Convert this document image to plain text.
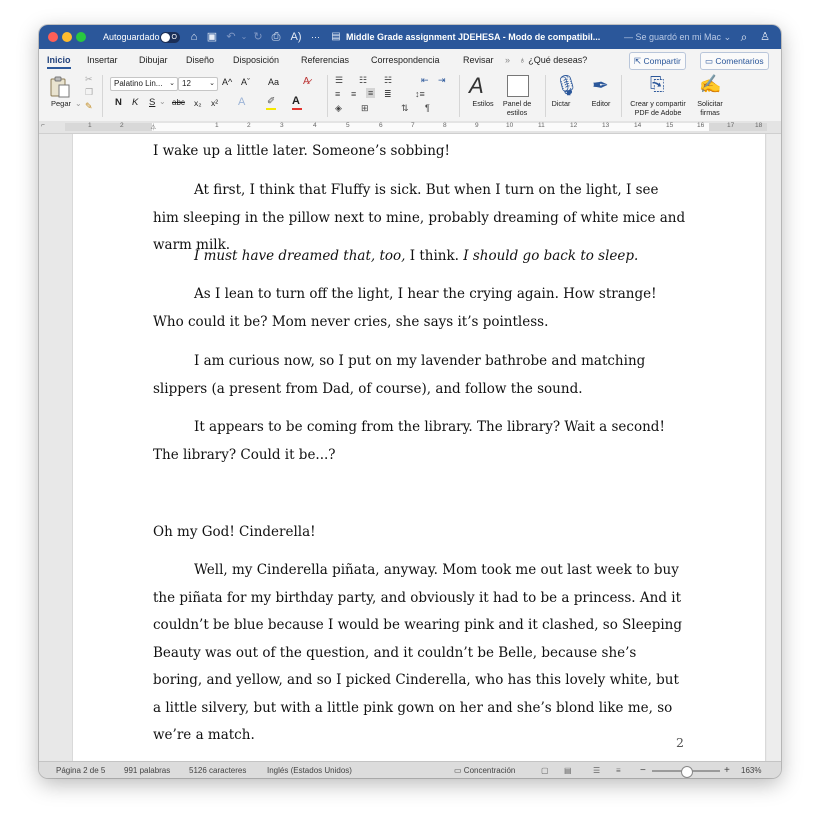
Autoguardado O	⌂ ▣ ↶ ⌄ ↻ ⎙ A) ··· ▤ Middle Grade assignment JDEHESA - Modo de compatibil...	— Se guardó en mi Mac ⌄ ⌕	♙
Inicio Insertar Dibujar Diseño Disposición Referencias Correspondencia	Revisar » ♁ ¿Qué deseas?	⇱ Compartir	▭ Comentarios
Pegar ⌄
✂
❐
✎
Palatino Lin... ⌄ 12	⌄ A^ Aˇ Aa A̷
N K S ⌄ abc x₂ x² A ✐ A
☰ ☷ ☵	⇤ ⇥
≡ ≡ ≡ ≣	↕≡
◈ ⊞	⇅ ¶
A
Estilos	Panel de
estilos
🎙
Dictar
✒
Editor
⎘
Crear y compartir
PDF de Adobe
✍
Solicitar
firmas
⌐	1	2	⏃	1	2	3	4	5	6	7	8	9	10	11	12	13	14	15	16	17	18

I wake up a little later. Someone’s sobbing!

At first, I think that Fluffy is sick. But when I turn on the light, I see him sleeping in the pillow next to mine, probably dreaming of white mice and warm milk.

I must have dreamed that, too, I think. I should go back to sleep.

As I lean to turn off the light, I hear the crying again. How strange! Who could it be? Mom never cries, she says it’s pointless.

I am curious now, so I put on my lavender bathrobe and matching slippers (a present from Dad, of course), and follow the sound.

It appears to be coming from the library. The library? Wait a second! The library? Could it be...?

Oh my God! Cinderella!

Well, my Cinderella piñata, anyway. Mom took me out last week to buy the piñata for my birthday party, and obviously it had to be a princess. And it couldn’t be blue because I would be wearing pink and it clashed, so Sleeping Beauty was out of the question, and it couldn’t be Belle, because she’s boring, and yellow, and so I picked Cinderella, who has this lovely white, but a little silvery, but with a little pink gown on her and she’s blond like me, so we’re a match.	2
Página 2 de 5 991 palabras 5126 caracteres	Inglés (Estados Unidos)	▭ Concentración	▢ ▤	☰ ≡ −	+ 163%
